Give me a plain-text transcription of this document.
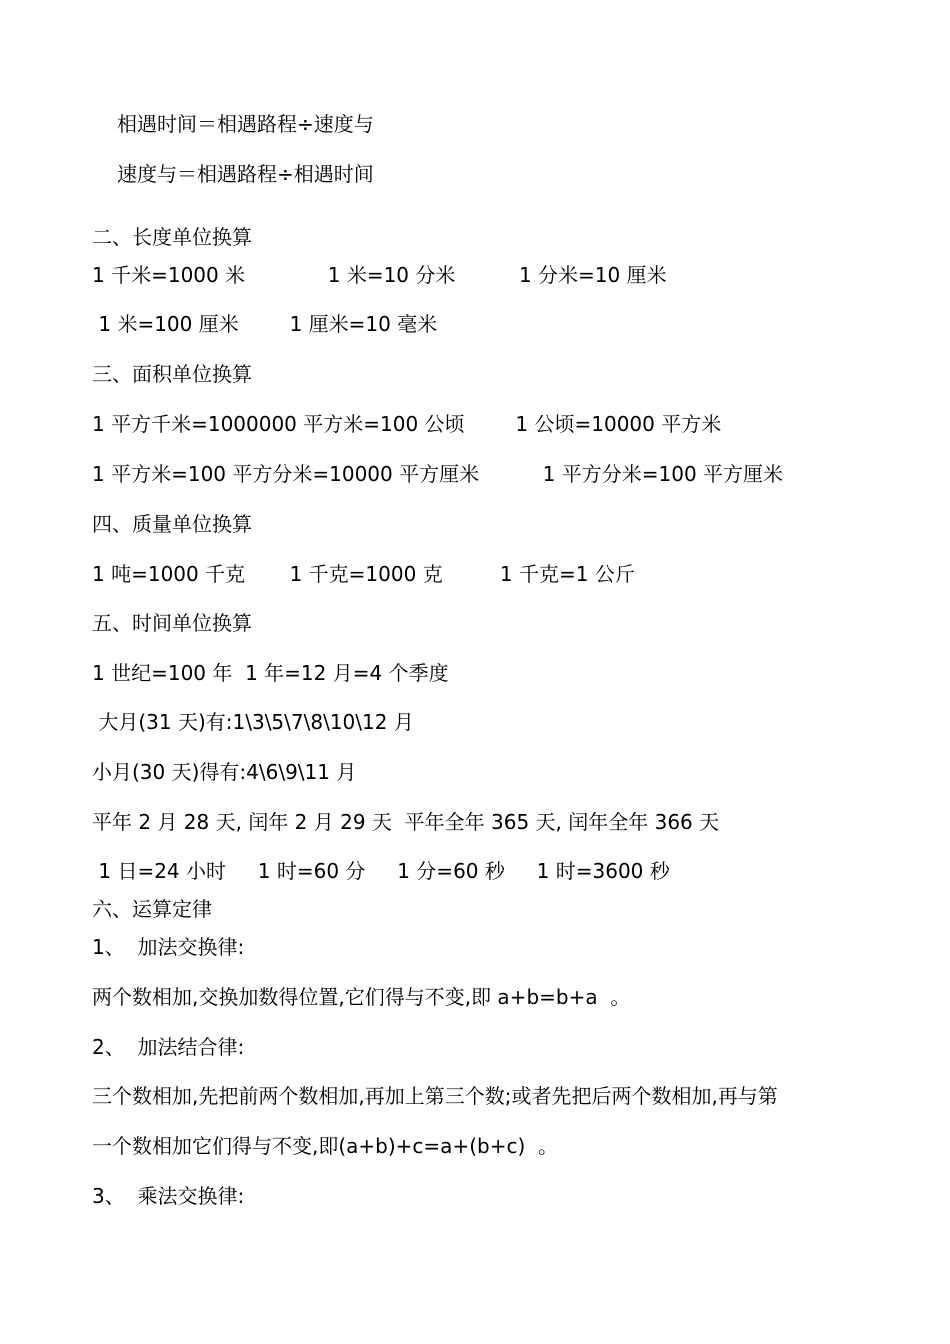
相遇时间＝相遇路程÷速度与
速度与＝相遇路程÷相遇时间
二、长度单位换算
1 千米=1000 米             1 米=10 分米          1 分米=10 厘米
1 米=100 厘米        1 厘米=10 毫米
三、面积单位换算
1 平方千米=1000000 平方米=100 公顷        1 公顷=10000 平方米
1 平方米=100 平方分米=10000 平方厘米          1 平方分米=100 平方厘米
四、质量单位换算
1 吨=1000 千克       1 千克=1000 克         1 千克=1 公斤
五、时间单位换算
1 世纪=100 年  1 年=12 月=4 个季度
大月(31 天)有:1\3\5\7\8\10\12 月
小月(30 天)得有:4\6\9\11 月
平年 2 月 28 天, 闰年 2 月 29 天  平年全年 365 天, 闰年全年 366 天
1 日=24 小时     1 时=60 分     1 分=60 秒     1 时=3600 秒
六、运算定律
1、  加法交换律:
两个数相加,交换加数得位置,它们得与不变,即 a+b=b+a  。
2、  加法结合律:
三个数相加,先把前两个数相加,再加上第三个数;或者先把后两个数相加,再与第
一个数相加它们得与不变,即(a+b)+c=a+(b+c)  。
3、  乘法交换律:
